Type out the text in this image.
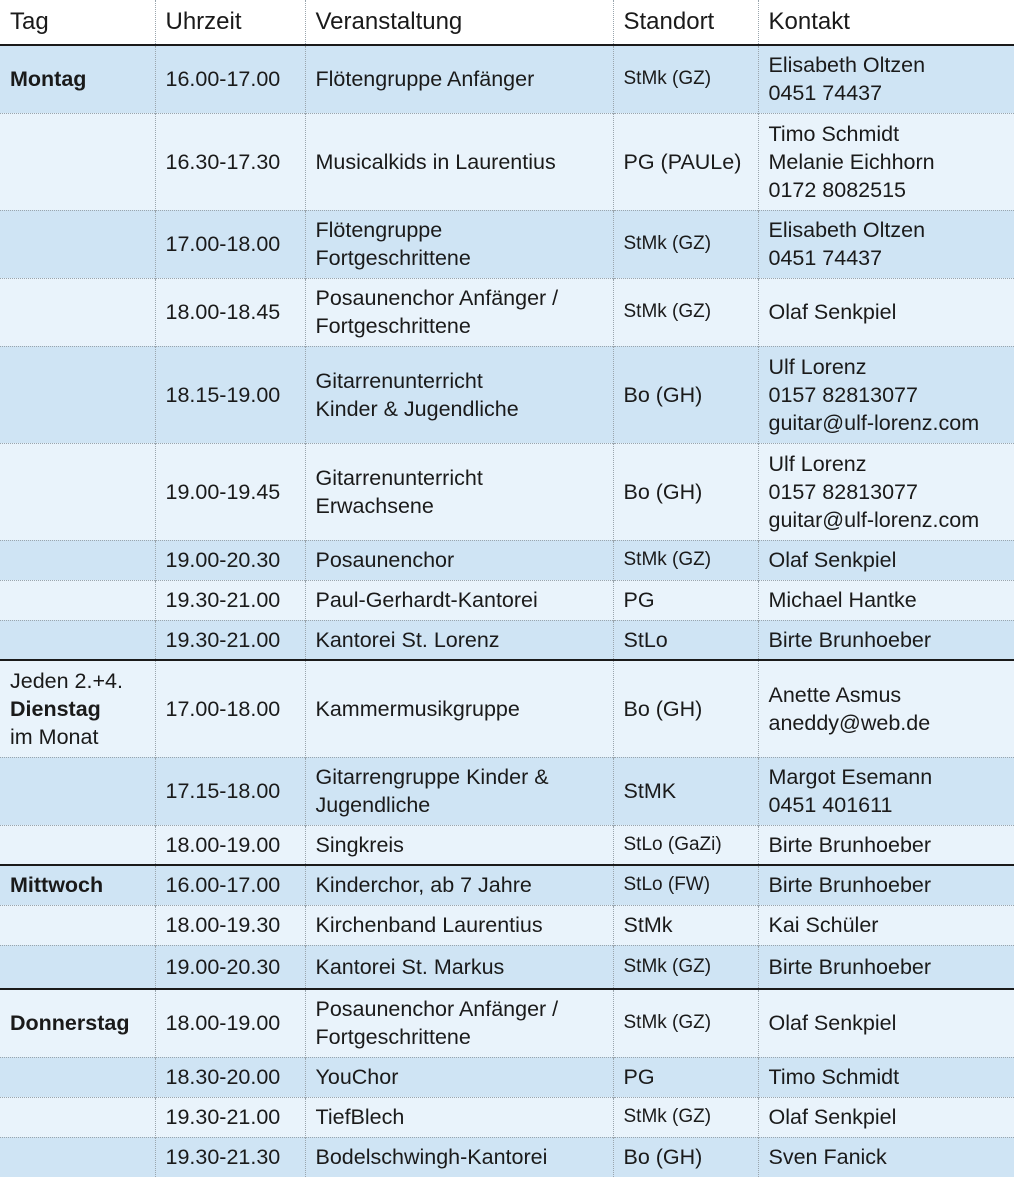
Tag	Uhrzeit	Veranstaltung	Standort	Kontakt
Montag	16.00-17.00	Flötengruppe Anfänger	StMk (GZ)	Elisabeth Oltzen
0451 74437

	16.30-17.30	Musicalkids in Laurentius	PG (PAULe)	Timo Schmidt
Melanie Eichhorn
0172 8082515

	17.00-18.00	Flötengruppe
Fortgeschrittene	StMk (GZ)	Elisabeth Oltzen
0451 74437

	18.00-18.45	Posaunenchor Anfänger /
Fortgeschrittene	StMk (GZ)	Olaf Senkpiel

	18.15-19.00	Gitarrenunterricht
Kinder & Jugendliche	Bo (GH)	Ulf Lorenz
0157 82813077
guitar@ulf-lorenz.com

	19.00-19.45	Gitarrenunterricht
Erwachsene	Bo (GH)	Ulf Lorenz
0157 82813077
guitar@ulf-lorenz.com

	19.00-20.30	Posaunenchor	StMk (GZ)	Olaf Senkpiel

	19.30-21.00	Paul-Gerhardt-Kantorei	PG	Michael Hantke

	19.30-21.00	Kantorei St. Lorenz	StLo	Birte Brunhoeber

Jeden 2.+4.
Dienstag
im Monat	17.00-18.00	Kammermusikgruppe	Bo (GH)	Anette Asmus
aneddy@web.de

	17.15-18.00	Gitarrengruppe Kinder &
Jugendliche	StMK	Margot Esemann
0451 401611

	18.00-19.00	Singkreis	StLo (GaZi)	Birte Brunhoeber

Mittwoch	16.00-17.00	Kinderchor, ab 7 Jahre	StLo (FW)	Birte Brunhoeber

	18.00-19.30	Kirchenband Laurentius	StMk	Kai Schüler

	19.00-20.30	Kantorei St. Markus	StMk (GZ)	Birte Brunhoeber

Donnerstag	18.00-19.00	Posaunenchor Anfänger /
Fortgeschrittene	StMk (GZ)	Olaf Senkpiel

	18.30-20.00	YouChor	PG	Timo Schmidt

	19.30-21.00	TiefBlech	StMk (GZ)	Olaf Senkpiel

	19.30-21.30	Bodelschwingh-Kantorei	Bo (GH)	Sven Fanick
